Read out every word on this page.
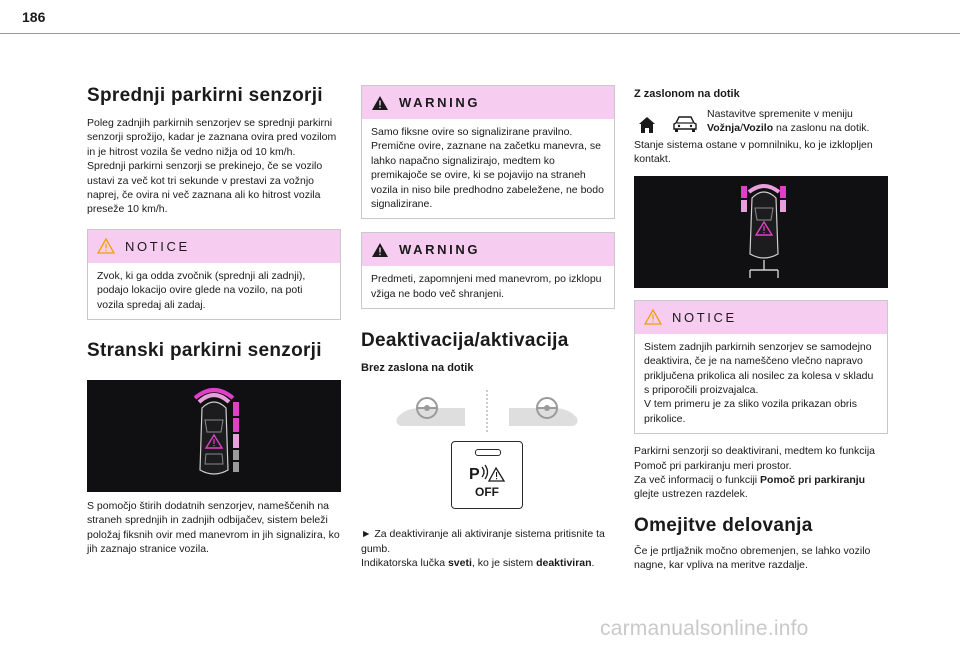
186
Sprednji parkirni senzorji

Poleg zadnjih parkirnih senzorjev se sprednji parkirni senzorji sprožijo, kadar je zaznana ovira pred vozilom in je hitrost vozila še vedno nižja od 10 km/h.
Sprednji parkirni senzorji se prekinejo, če se vozilo ustavi za več kot tri sekunde v prestavi za vožnjo naprej, če ovira ni več zaznana ali ko hitrost vozila preseže 10 km/h.

NOTICE

Zvok, ki ga odda zvočnik (sprednji ali zadnji), podajo lokacijo ovire glede na vozilo, na poti vozila spredaj ali zadaj.

Stranski parkirni senzorji

S pomočjo štirih dodatnih senzorjev, nameščenih na straneh sprednjih in zadnjih odbijačev, sistem beleži položaj fiksnih ovir med manevrom in jih signalizira, ko jih zaznajo stranice vozila.

WARNING

Samo fiksne ovire so signalizirane pravilno. Premične ovire, zaznane na začetku manevra, se lahko napačno signalizirajo, medtem ko premikajoče se ovire, ki se pojavijo na straneh vozila in niso bile predhodno zabeležene, ne bodo signalizirane.

WARNING

Predmeti, zapomnjeni med manevrom, po izklopu vžiga ne bodo več shranjeni.

Deaktivacija/aktivacija
Brez zaslona na dotik
P
OFF

► Za deaktiviranje ali aktiviranje sistema pritisnite ta gumb.
Indikatorska lučka sveti, ko je sistem deaktiviran.

Z zaslonom na dotik

Nastavitve spremenite v meniju Vožnja/Vozilo na zaslonu na dotik.

Stanje sistema ostane v pomnilniku, ko je izklopljen kontakt.

NOTICE

Sistem zadnjih parkirnih senzorjev se samodejno deaktivira, če je na nameščeno vlečno napravo priključena prikolica ali nosilec za kolesa v skladu s priporočili proizvajalca.
V tem primeru je za sliko vozila prikazan obris prikolice.

Parkirni senzorji so deaktivirani, medtem ko funkcija Pomoč pri parkiranju meri prostor.
Za več informacij o funkciji Pomoč pri parkiranju glejte ustrezen razdelek.

Omejitve delovanja

Če je prtljažnik močno obremenjen, se lahko vozilo nagne, kar vpliva na meritve razdalje.

carmanualsonline.info
